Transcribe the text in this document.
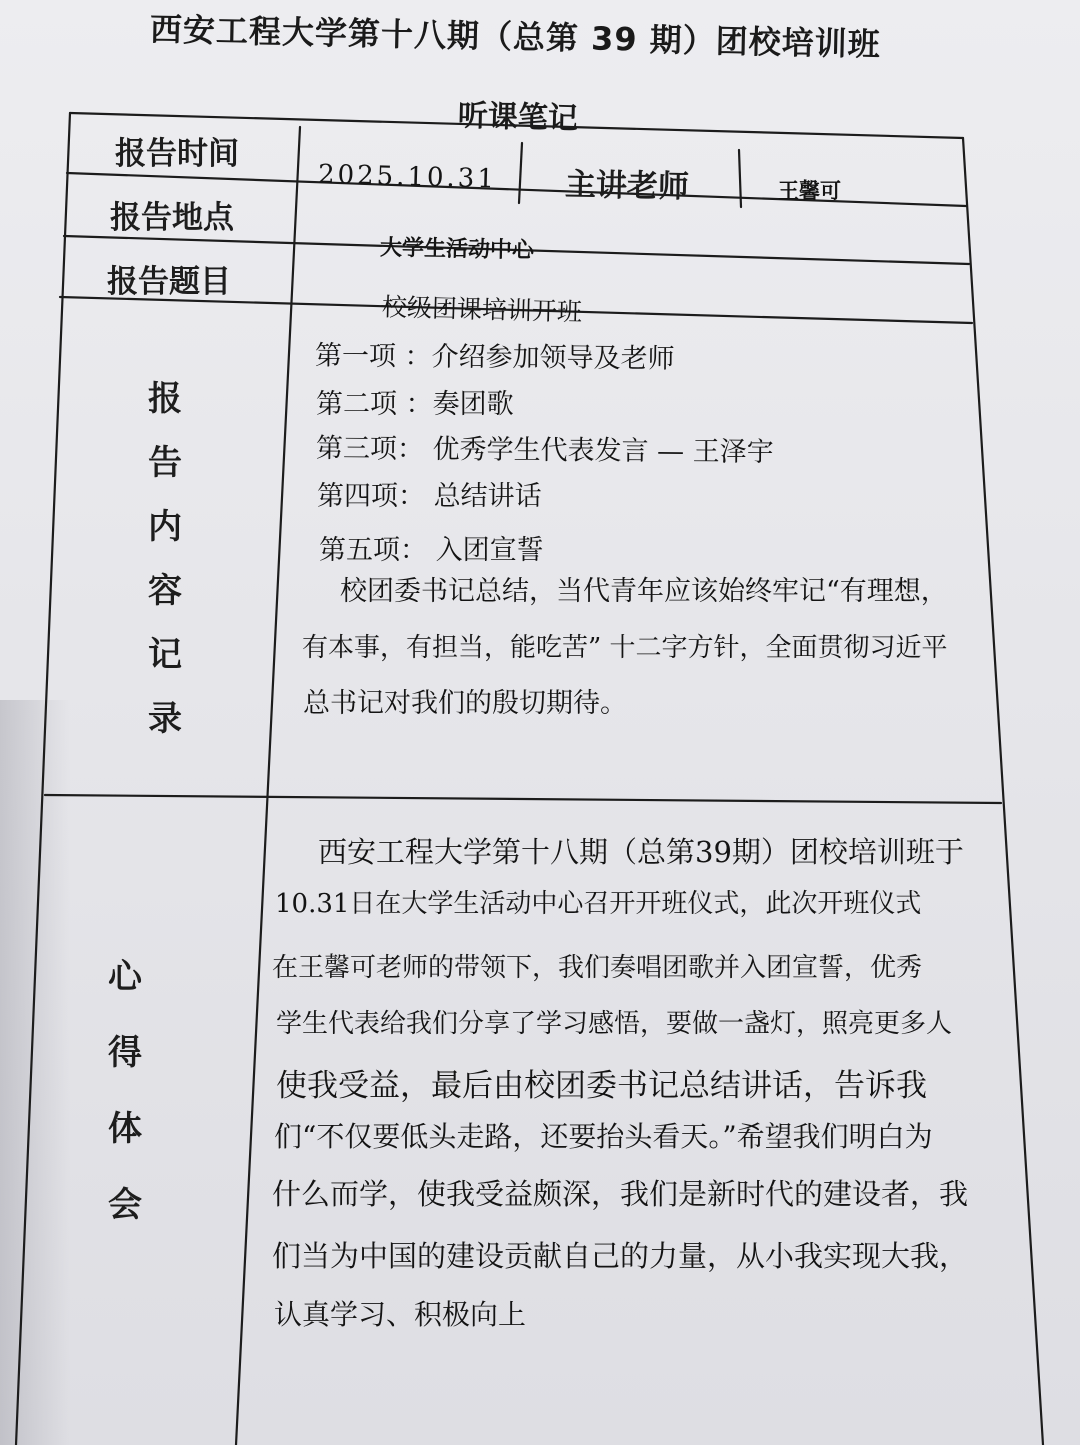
西安工程大学第十八期（总第 39 期）团校培训班
听课笔记
报告时间
2025.10.31 主讲老师	王馨可
报告地点
大学生活动中心
报告题目
校级团课培训开班
报
告
内
容
记
录
第一项 ：介绍参加领导及老师
第二项 ：奏团歌
第三项： 优秀学生代表发言 — 王泽宇
第四项： 总结讲话
第五项： 入团宣誓
校团委书记总结，当代青年应该始终牢记“有理想，
有本事，有担当，能吃苦” 十二字方针，全面贯彻习近平
总书记对我们的殷切期待。
心
得
体
会
西安工程大学第十八期（总第39期）团校培训班于
10.31日在大学生活动中心召开开班仪式，此次开班仪式
在王馨可老师的带领下，我们奏唱团歌并入团宣誓，优秀
学生代表给我们分享了学习感悟，要做一盏灯，照亮更多人
使我受益，最后由校团委书记总结讲话，告诉我
们“不仅要低头走路，还要抬头看天。”希望我们明白为
什么而学，使我受益颇深，我们是新时代的建设者，我
们当为中国的建设贡献自己的力量，从小我实现大我，
认真学习、积极向上
